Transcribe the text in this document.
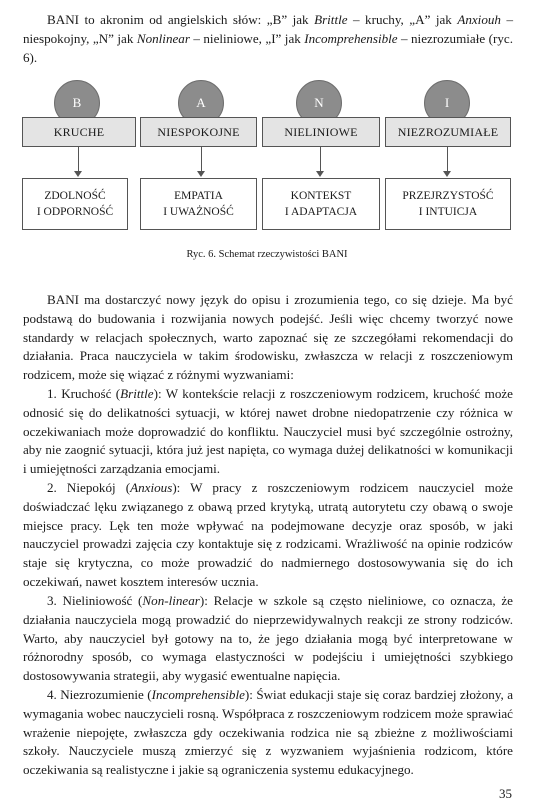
BANI to akronim od angielskich słów: „B” jak Brittle – kruchy, „A” jak Anxiouh – niespokojny, „N” jak Nonlinear – nieliniowe, „I” jak Incomprehensible – niezrozumiałe (ryc. 6).

B	A	N	I
KRUCHE	NIESPOKOJNE	NIELINIOWE	NIEZROZUMIAŁE
ZDOLNOŚĆ
I ODPORNOŚĆ
EMPATIA
I UWAŻNOŚĆ
KONTEKST
I ADAPTACJA
PRZEJRZYSTOŚĆ
I INTUICJA
Ryc. 6. Schemat rzeczywistości BANI

BANI ma dostarczyć nowy język do opisu i zrozumienia tego, co się dzieje. Ma być podstawą do budowania i rozwijania nowych podejść. Jeśli więc chcemy tworzyć nowe standardy w relacjach społecznych, warto zapoznać się ze szczegółami rekomendacji do działania. Praca nauczyciela w takim środowisku, zwłaszcza w relacji z roszczeniowym rodzicem, może się wiązać z różnymi wyzwaniami:

1. Kruchość (Brittle): W kontekście relacji z roszczeniowym rodzicem, kruchość może odnosić się do delikatności sytuacji, w której nawet drobne niedopatrzenie czy różnica w oczekiwaniach może doprowadzić do konfliktu. Nauczyciel musi być szczególnie ostrożny, aby nie zaognić sytuacji, która już jest napięta, co wymaga dużej delikatności w komunikacji i umiejętności zarządzania emocjami.

2. Niepokój (Anxious): W pracy z roszczeniowym rodzicem nauczyciel może doświadczać lęku związanego z obawą przed krytyką, utratą autorytetu czy obawą o swoje miejsce pracy. Lęk ten może wpływać na podejmowane decyzje oraz sposób, w jaki nauczyciel prowadzi zajęcia czy kontaktuje się z rodzicami. Wrażliwość na opinie rodziców staje się krytyczna, co może prowadzić do nadmiernego dostosowywania się do ich oczekiwań, nawet kosztem interesów ucznia.

3. Nieliniowość (Non-linear): Relacje w szkole są często nieliniowe, co oznacza, że działania nauczyciela mogą prowadzić do nieprzewidywalnych reakcji ze strony rodziców. Warto, aby nauczyciel był gotowy na to, że jego działania mogą być interpretowane w różnorodny sposób, co wymaga elastyczności w podejściu i umiejętności szybkiego dostosowywania strategii, aby wygasić ewentualne napięcia.

4. Niezrozumienie (Incomprehensible): Świat edukacji staje się coraz bardziej złożony, a wymagania wobec nauczycieli rosną. Współpraca z roszczeniowym rodzicem może sprawiać wrażenie niepojęte, zwłaszcza gdy oczekiwania rodzica nie są zbieżne z możliwościami szkoły. Nauczyciele muszą zmierzyć się z wyzwaniem wyjaśnienia rodzicom, które oczekiwania są realistyczne i jakie są ograniczenia systemu edukacyjnego.

35
